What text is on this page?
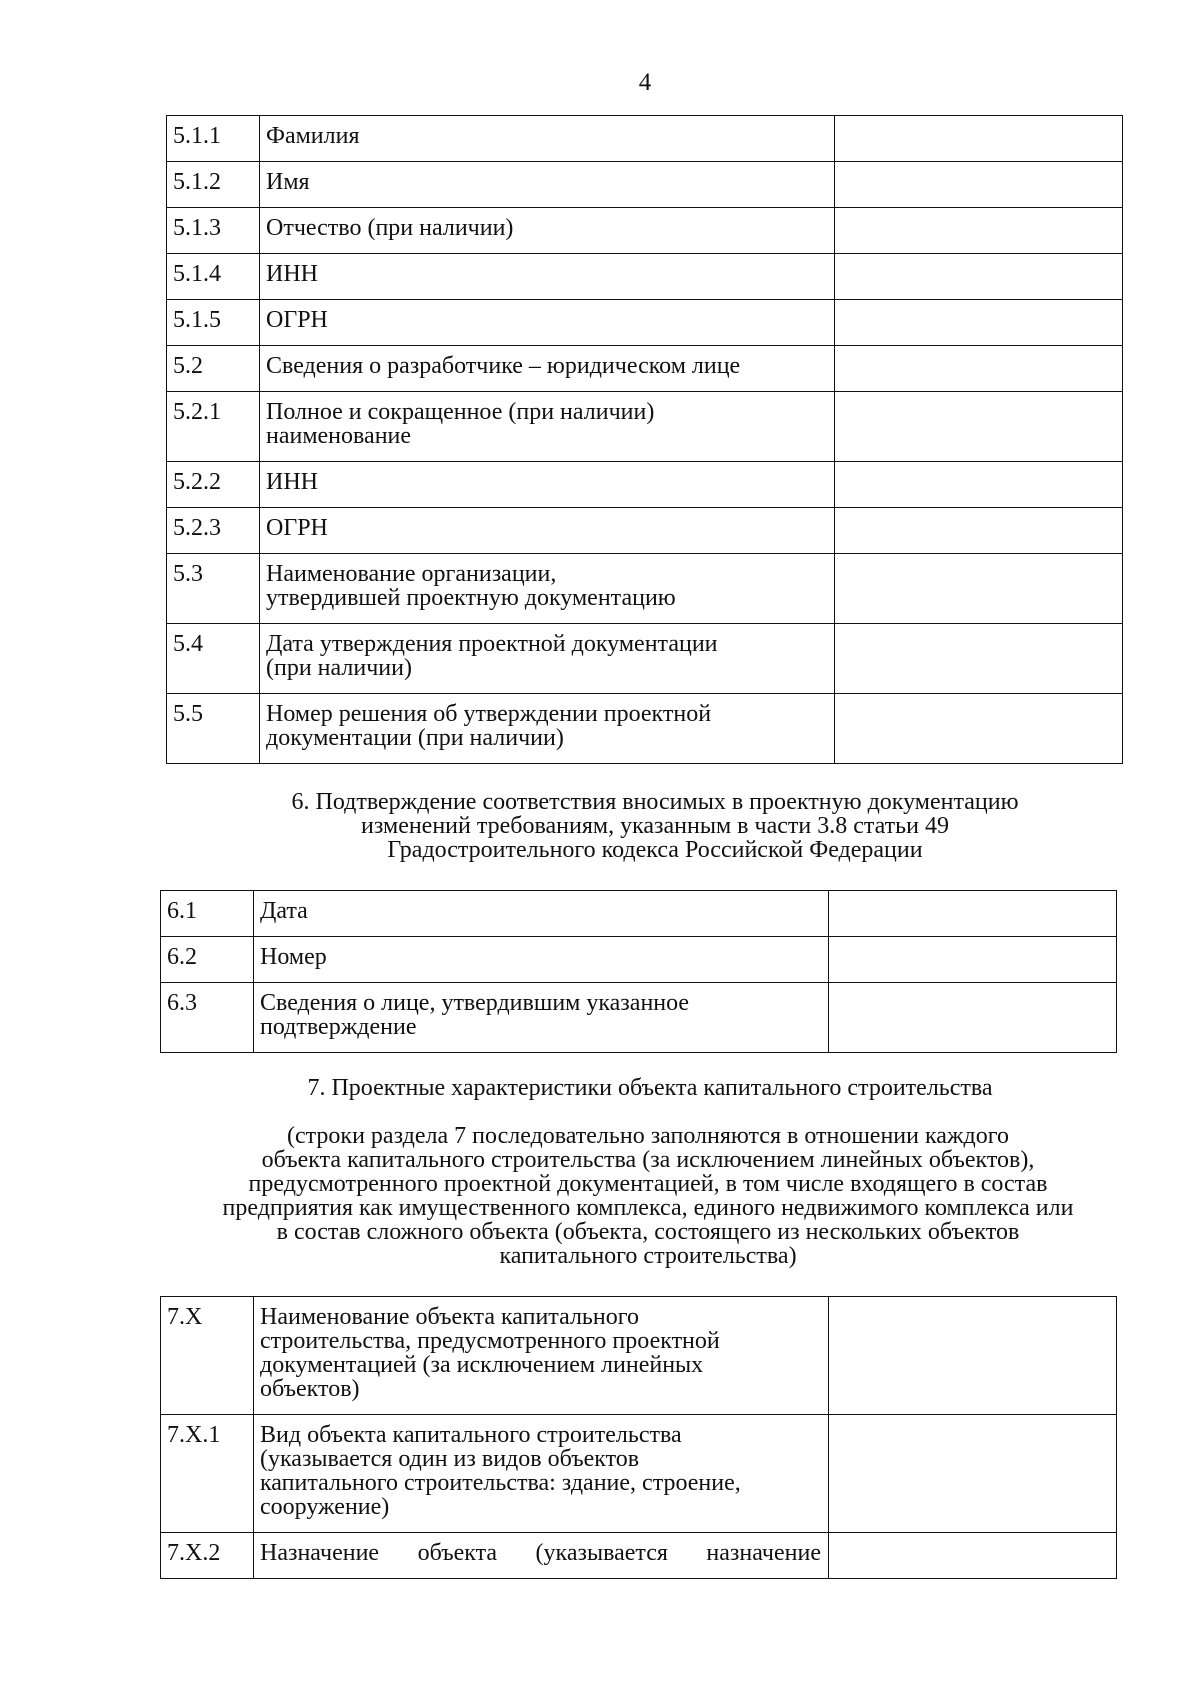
4
5.1.1	Фамилия	
5.1.2	Имя	
5.1.3	Отчество (при наличии)	
5.1.4	ИНН	
5.1.5	ОГРН	
5.2	Сведения о разработчике – юридическом лице	
5.2.1	Полное и сокращенное (при наличии)
наименование	
5.2.2	ИНН	
5.2.3	ОГРН	
5.3	Наименование организации,
утвердившей проектную документацию	
5.4	Дата утверждения проектной документации
(при наличии)	
5.5	Номер решения об утверждении проектной
документации (при наличии)	
6. Подтверждение соответствия вносимых в проектную документацию
изменений требованиям, указанным в части 3.8 статьи 49
Градостроительного кодекса Российской Федерации
6.1	Дата	
6.2	Номер	
6.3	Сведения о лице, утвердившим указанное
подтверждение	
7. Проектные характеристики объекта капитального строительства
(строки раздела 7 последовательно заполняются в отношении каждого
объекта капитального строительства (за исключением линейных объектов),
предусмотренного проектной документацией, в том числе входящего в состав
предприятия как имущественного комплекса, единого недвижимого комплекса или
в состав сложного объекта (объекта, состоящего из нескольких объектов
капитального строительства)
7.X	Наименование объекта капитального
строительства, предусмотренного проектной
документацией (за исключением линейных
объектов)	
7.X.1	Вид объекта капитального строительства
(указывается один из видов объектов
капитального строительства: здание, строение,
сооружение)	
7.X.2	Назначение объекта (указывается назначение	
